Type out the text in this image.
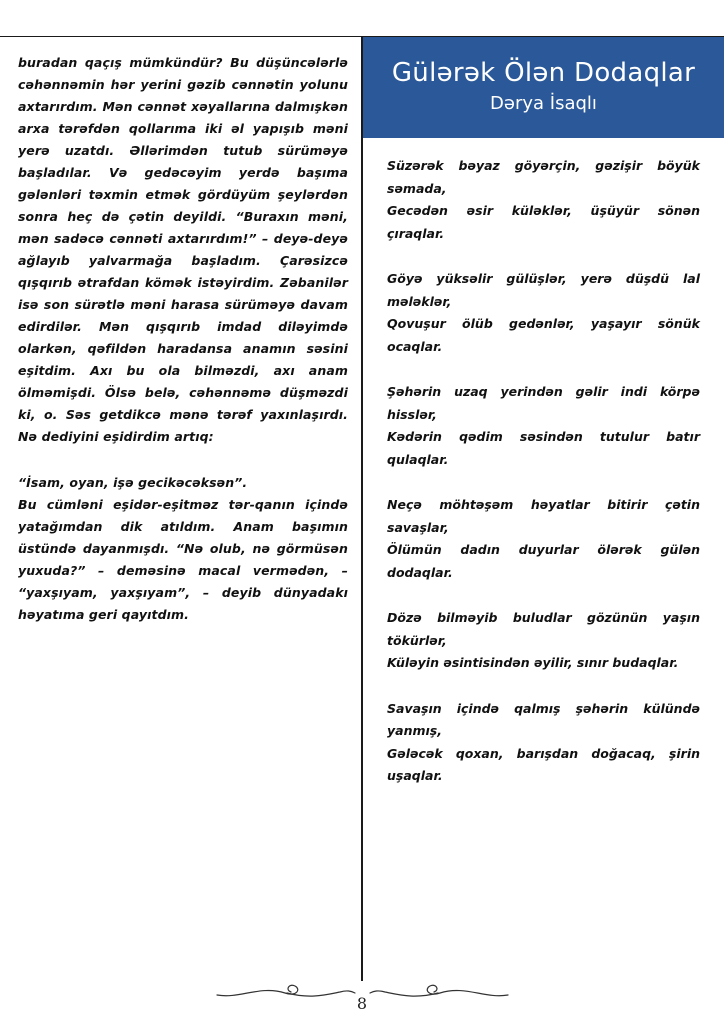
buradan qaçış mümkündür? Bu düşüncələrlə cəhənnəmin hər yerini gəzib cənnətin yolunu axtarırdım. Mən cənnət xəyallarına dalmışkən arxa tərəfdən qollarıma iki əl yapışıb məni yerə uzatdı. Əllərimdən tutub sürüməyə başladılar. Və gedəcəyim yerdə başıma gələnləri təxmin etmək gördüyüm şeylərdən sonra heç də çətin deyildi. “Buraxın məni, mən sadəcə cənnəti axtarırdım!” – deyə-deyə ağlayıb yalvarmağa başladım. Çarəsizcə qışqırıb ətrafdan kömək istəyirdim. Zəbanilər isə son sürətlə məni harasa sürüməyə davam edirdilər. Mən qışqırıb imdad diləyimdə olarkən, qəfildən haradansa anamın səsini eşitdim. Axı bu ola bilməzdi, axı anam ölməmişdi. Ölsə belə, cəhənnəmə düşməzdi ki, o. Səs getdikcə mənə tərəf yaxınlaşırdı. Nə dediyini eşidirdim artıq:

“İsam, oyan, işə gecikəcəksən”.
Bu cümləni eşidər-eşitməz tər-qanın içində yatağımdan dik atıldım. Anam başımın üstündə dayanmışdı. “Nə olub, nə görmüsən yuxuda?” – deməsinə macal vermədən, – “yaxşıyam, yaxşıyam”, – deyib dünyadakı həyatıma geri qayıtdım.

Gülərək Ölən Dodaqlar
Dərya İsaqlı

Süzərək bəyaz göyərçin, gəzişir böyük səmada,

Gecədən əsir küləklər, üşüyür sönən çıraqlar.

Göyə yüksəlir gülüşlər, yerə düşdü lal mələklər,

Qovuşur ölüb gedənlər, yaşayır sönük ocaqlar.

Şəhərin uzaq yerindən gəlir indi körpə hisslər,

Kədərin qədim səsindən tutulur batır qulaqlar.

Neçə möhtəşəm həyatlar bitirir çətin savaşlar,

Ölümün dadın duyurlar ölərək gülən dodaqlar.

Dözə bilməyib buludlar gözünün yaşın tökürlər,

Küləyin əsintisindən əyilir, sınır budaqlar.

Savaşın içində qalmış şəhərin külündə yanmış,

Gələcək qoxan, barışdan doğacaq, şirin uşaqlar.

8
